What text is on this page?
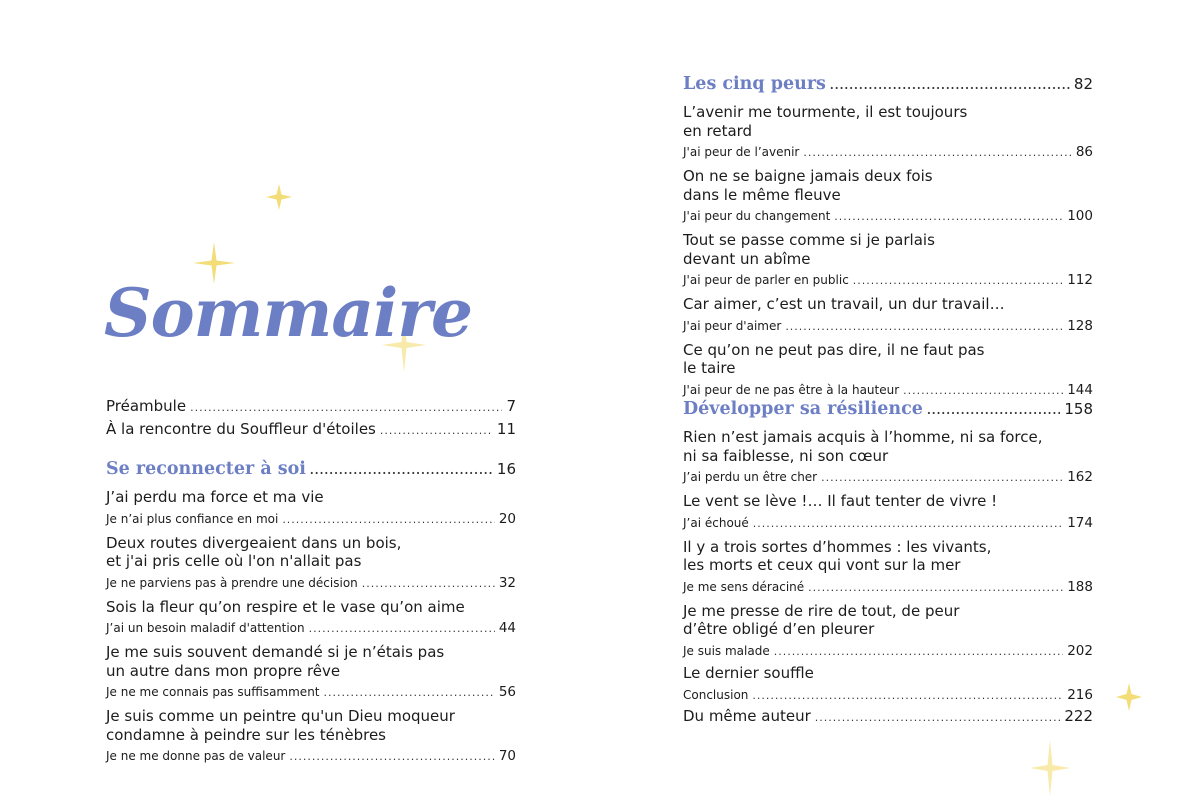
Sommaire
Préambule .....	7
À la rencontre du Souffleur d'étoiles .....	11
Se reconnecter à soi .....	16
J’ai perdu ma force et ma vie
Je n’ai plus confiance en moi .....	20
Deux routes divergeaient dans un bois,
et j'ai pris celle où l'on n'allait pas
Je ne parviens pas à prendre une décision .....	32
Sois la fleur qu’on respire et le vase qu’on aime
J’ai un besoin maladif d'attention .....	44
Je me suis souvent demandé si je n’étais pas
un autre dans mon propre rêve
Je ne me connais pas suffisamment .....	56
Je suis comme un peintre qu'un Dieu moqueur
condamne à peindre sur les ténèbres
Je ne me donne pas de valeur .....	70
Les cinq peurs .....	82
L’avenir me tourmente, il est toujours
en retard
J'ai peur de l’avenir .....	86
On ne se baigne jamais deux fois
dans le même fleuve
J'ai peur du changement .....	100
Tout se passe comme si je parlais
devant un abîme
J'ai peur de parler en public .....	112
Car aimer, c’est un travail, un dur travail…
J'ai peur d'aimer .....	128
Ce qu’on ne peut pas dire, il ne faut pas
le taire
J'ai peur de ne pas être à la hauteur .....	144
Développer sa résilience .....	158
Rien n’est jamais acquis à l’homme, ni sa force,
ni sa faiblesse, ni son cœur
J’ai perdu un être cher .....	162
Le vent se lève !… Il faut tenter de vivre !
J’ai échoué .....	174
Il y a trois sortes d’hommes : les vivants,
les morts et ceux qui vont sur la mer
Je me sens déraciné .....	188
Je me presse de rire de tout, de peur
d’être obligé d’en pleurer
Je suis malade .....	202
Le dernier souffle
Conclusion .....	216
Du même auteur .....	222
